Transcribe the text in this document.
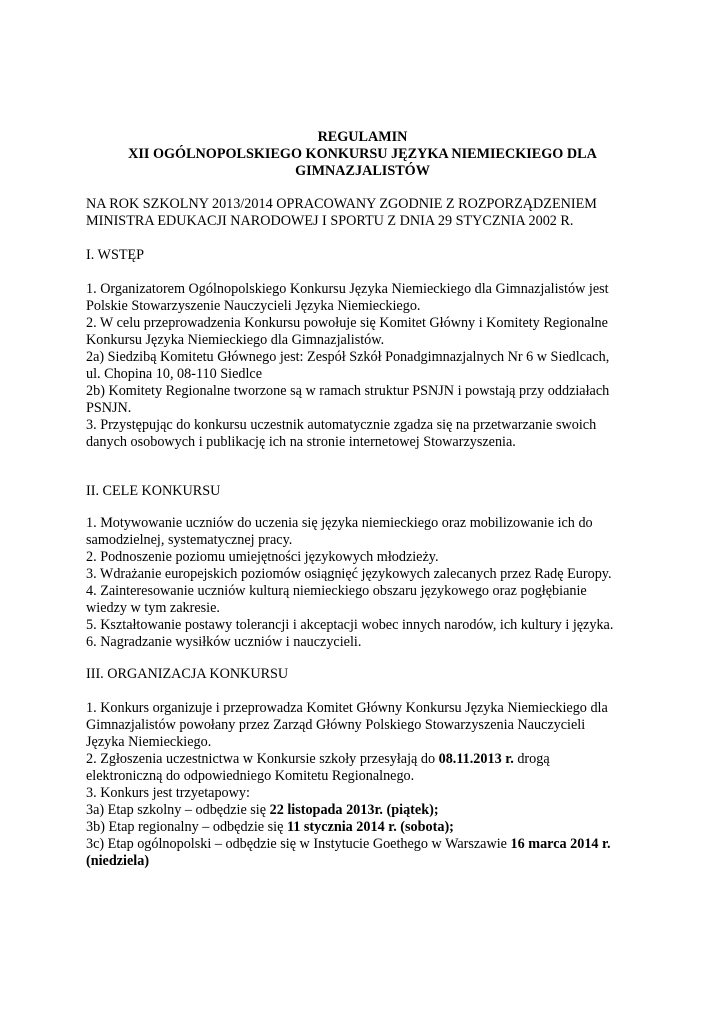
REGULAMIN
XII OGÓLNOPOLSKIEGO KONKURSU JĘZYKA NIEMIECKIEGO DLA
GIMNAZJALISTÓW
NA ROK SZKOLNY 2013/2014 OPRACOWANY ZGODNIE Z ROZPORZĄDZENIEM
MINISTRA EDUKACJI NARODOWEJ I SPORTU Z DNIA 29 STYCZNIA 2002 R.
I. WSTĘP
1. Organizatorem Ogólnopolskiego Konkursu Języka Niemieckiego dla Gimnazjalistów jest
Polskie Stowarzyszenie Nauczycieli Języka Niemieckiego.
2. W celu przeprowadzenia Konkursu powołuje się Komitet Główny i Komitety Regionalne
Konkursu Języka Niemieckiego dla Gimnazjalistów.
2a) Siedzibą Komitetu Głównego jest: Zespół Szkół Ponadgimnazjalnych Nr 6 w Siedlcach,
ul. Chopina 10, 08-110 Siedlce
2b) Komitety Regionalne tworzone są w ramach struktur PSNJN i powstają przy oddziałach
PSNJN.
3. Przystępując do konkursu uczestnik automatycznie zgadza się na przetwarzanie swoich
danych osobowych i publikację ich na stronie internetowej Stowarzyszenia.
II. CELE KONKURSU
1. Motywowanie uczniów do uczenia się języka niemieckiego oraz mobilizowanie ich do
samodzielnej, systematycznej pracy.
2. Podnoszenie poziomu umiejętności językowych młodzieży.
3. Wdrażanie europejskich poziomów osiągnięć językowych zalecanych przez Radę Europy.
4. Zainteresowanie uczniów kulturą niemieckiego obszaru językowego oraz pogłębianie
wiedzy w tym zakresie.
5. Kształtowanie postawy tolerancji i akceptacji wobec innych narodów, ich kultury i języka.
6. Nagradzanie wysiłków uczniów i nauczycieli.
III. ORGANIZACJA KONKURSU
1. Konkurs organizuje i przeprowadza Komitet Główny Konkursu Języka Niemieckiego dla
Gimnazjalistów powołany przez Zarząd Główny Polskiego Stowarzyszenia Nauczycieli
Języka Niemieckiego.
2. Zgłoszenia uczestnictwa w Konkursie szkoły przesyłają do 08.11.2013 r. drogą
elektroniczną do odpowiedniego Komitetu Regionalnego.
3. Konkurs jest trzyetapowy:
3a) Etap szkolny – odbędzie się 22 listopada 2013r. (piątek);
3b) Etap regionalny – odbędzie się 11 stycznia 2014 r. (sobota);
3c) Etap ogólnopolski – odbędzie się w Instytucie Goethego w Warszawie 16 marca 2014 r.
(niedziela)
